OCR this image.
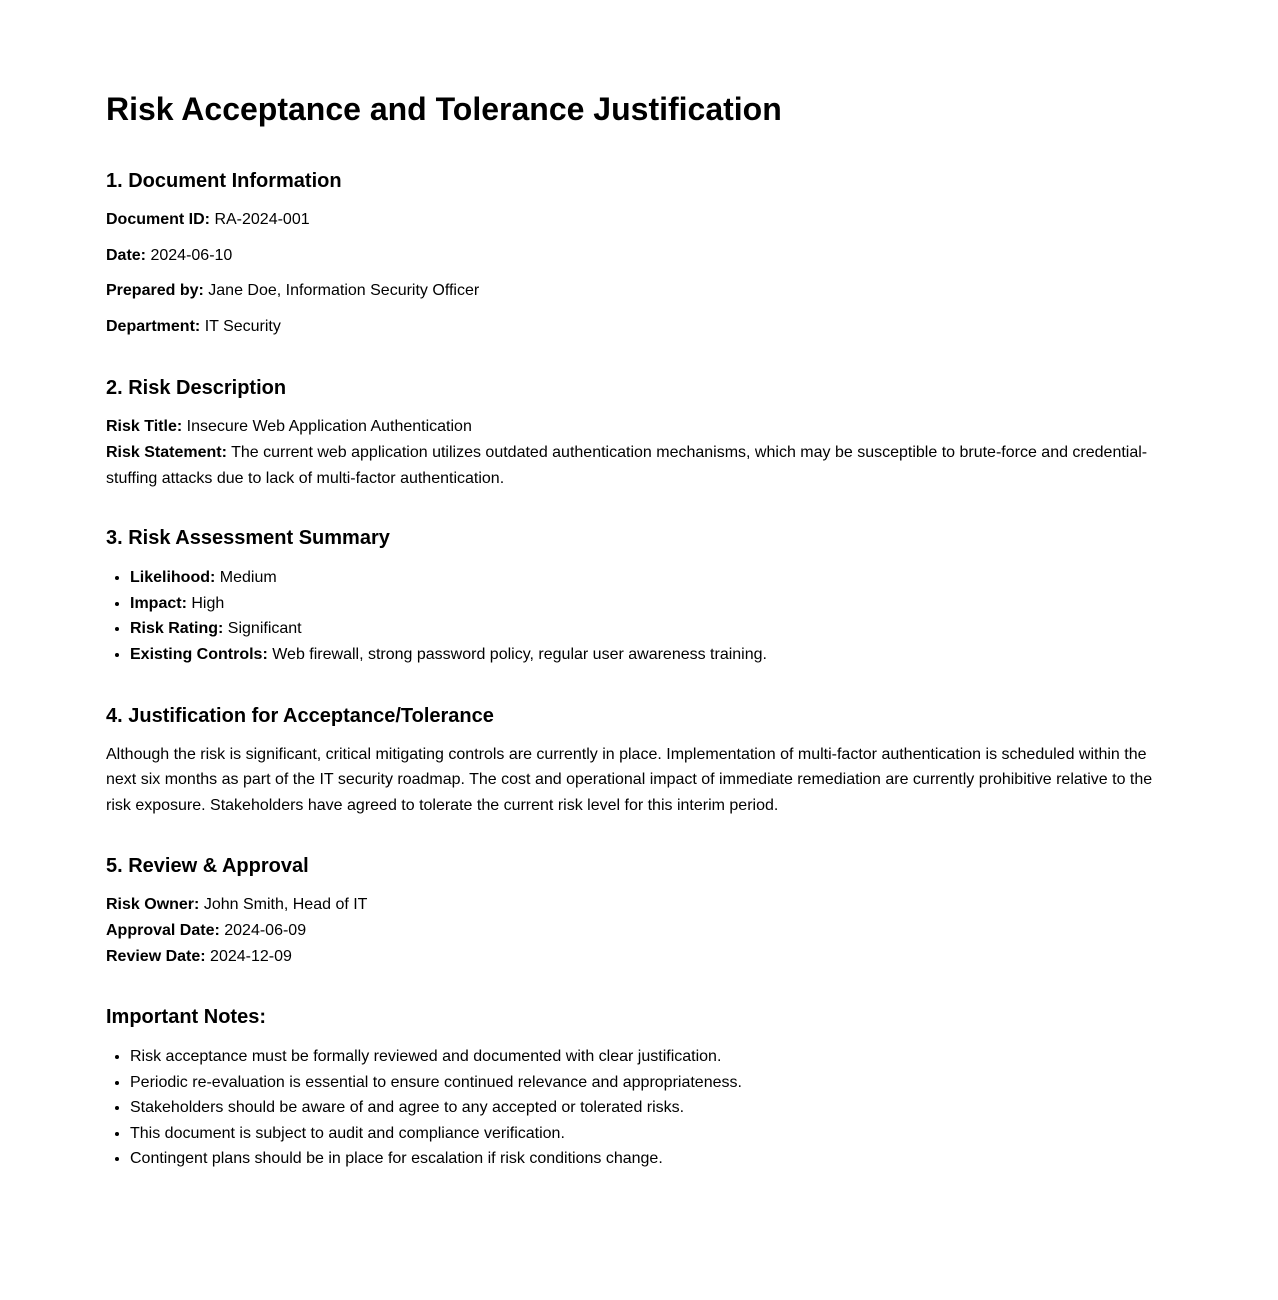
Risk Acceptance and Tolerance Justification
1. Document Information

Document ID: RA-2024-001

Date: 2024-06-10

Prepared by: Jane Doe, Information Security Officer

Department: IT Security

2. Risk Description

Risk Title: Insecure Web Application Authentication

Risk Statement: The current web application utilizes outdated authentication mechanisms, which may be susceptible to brute-force and credential-stuffing attacks due to lack of multi-factor authentication.

3. Risk Assessment Summary
• Likelihood: Medium
• Impact: High
• Risk Rating: Significant
• Existing Controls: Web firewall, strong password policy, regular user awareness training.
4. Justification for Acceptance/Tolerance

Although the risk is significant, critical mitigating controls are currently in place. Implementation of multi-factor authentication is scheduled within the next six months as part of the IT security roadmap. The cost and operational impact of immediate remediation are currently prohibitive relative to the risk exposure. Stakeholders have agreed to tolerate the current risk level for this interim period.

5. Review & Approval

Risk Owner: John Smith, Head of IT

Approval Date: 2024-06-09

Review Date: 2024-12-09

Important Notes:
• Risk acceptance must be formally reviewed and documented with clear justification.
• Periodic re-evaluation is essential to ensure continued relevance and appropriateness.
• Stakeholders should be aware of and agree to any accepted or tolerated risks.
• This document is subject to audit and compliance verification.
• Contingent plans should be in place for escalation if risk conditions change.
